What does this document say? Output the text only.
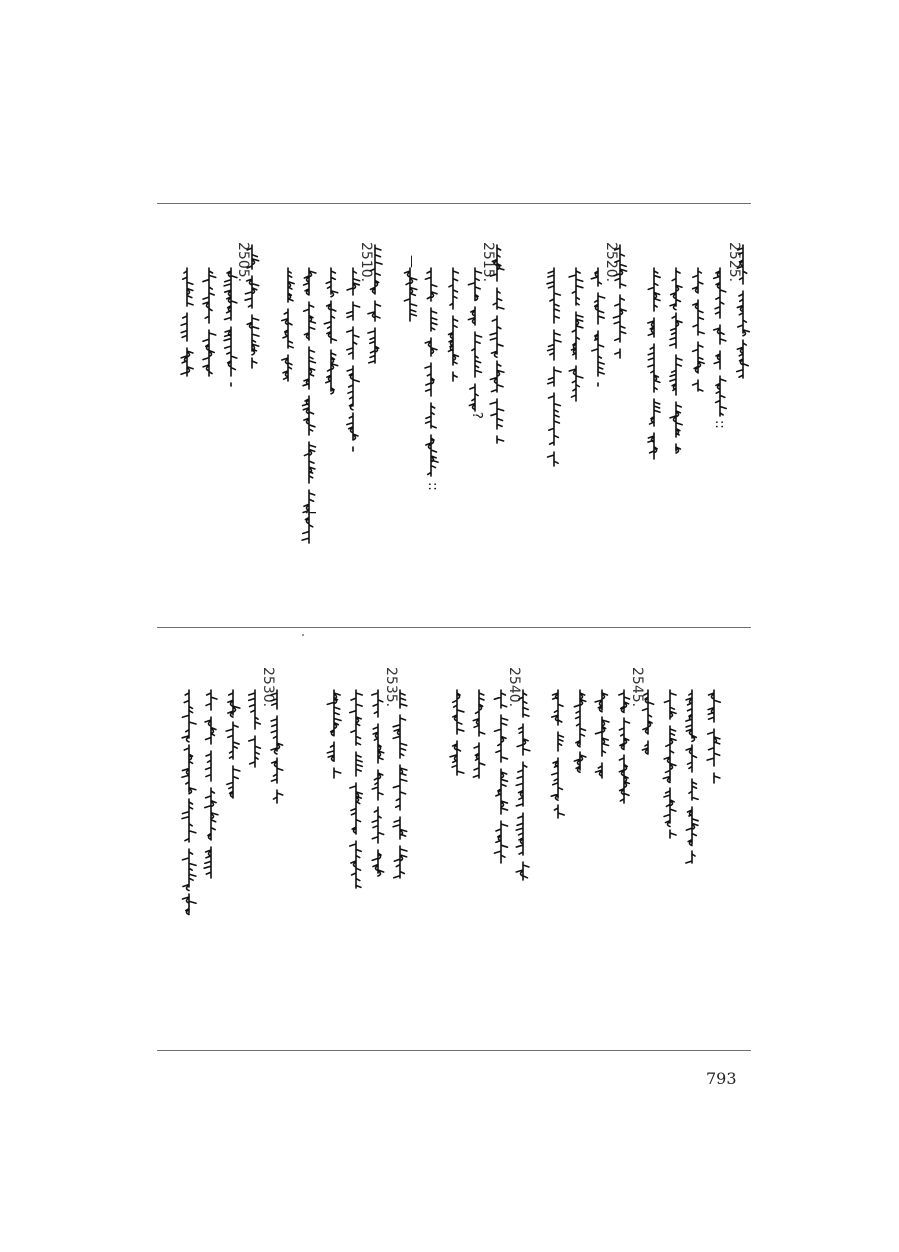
2525.
2520.
2515.
2510.
2505.
2545.
2540.
2535.
2530.
793
::
::
—
?
!
